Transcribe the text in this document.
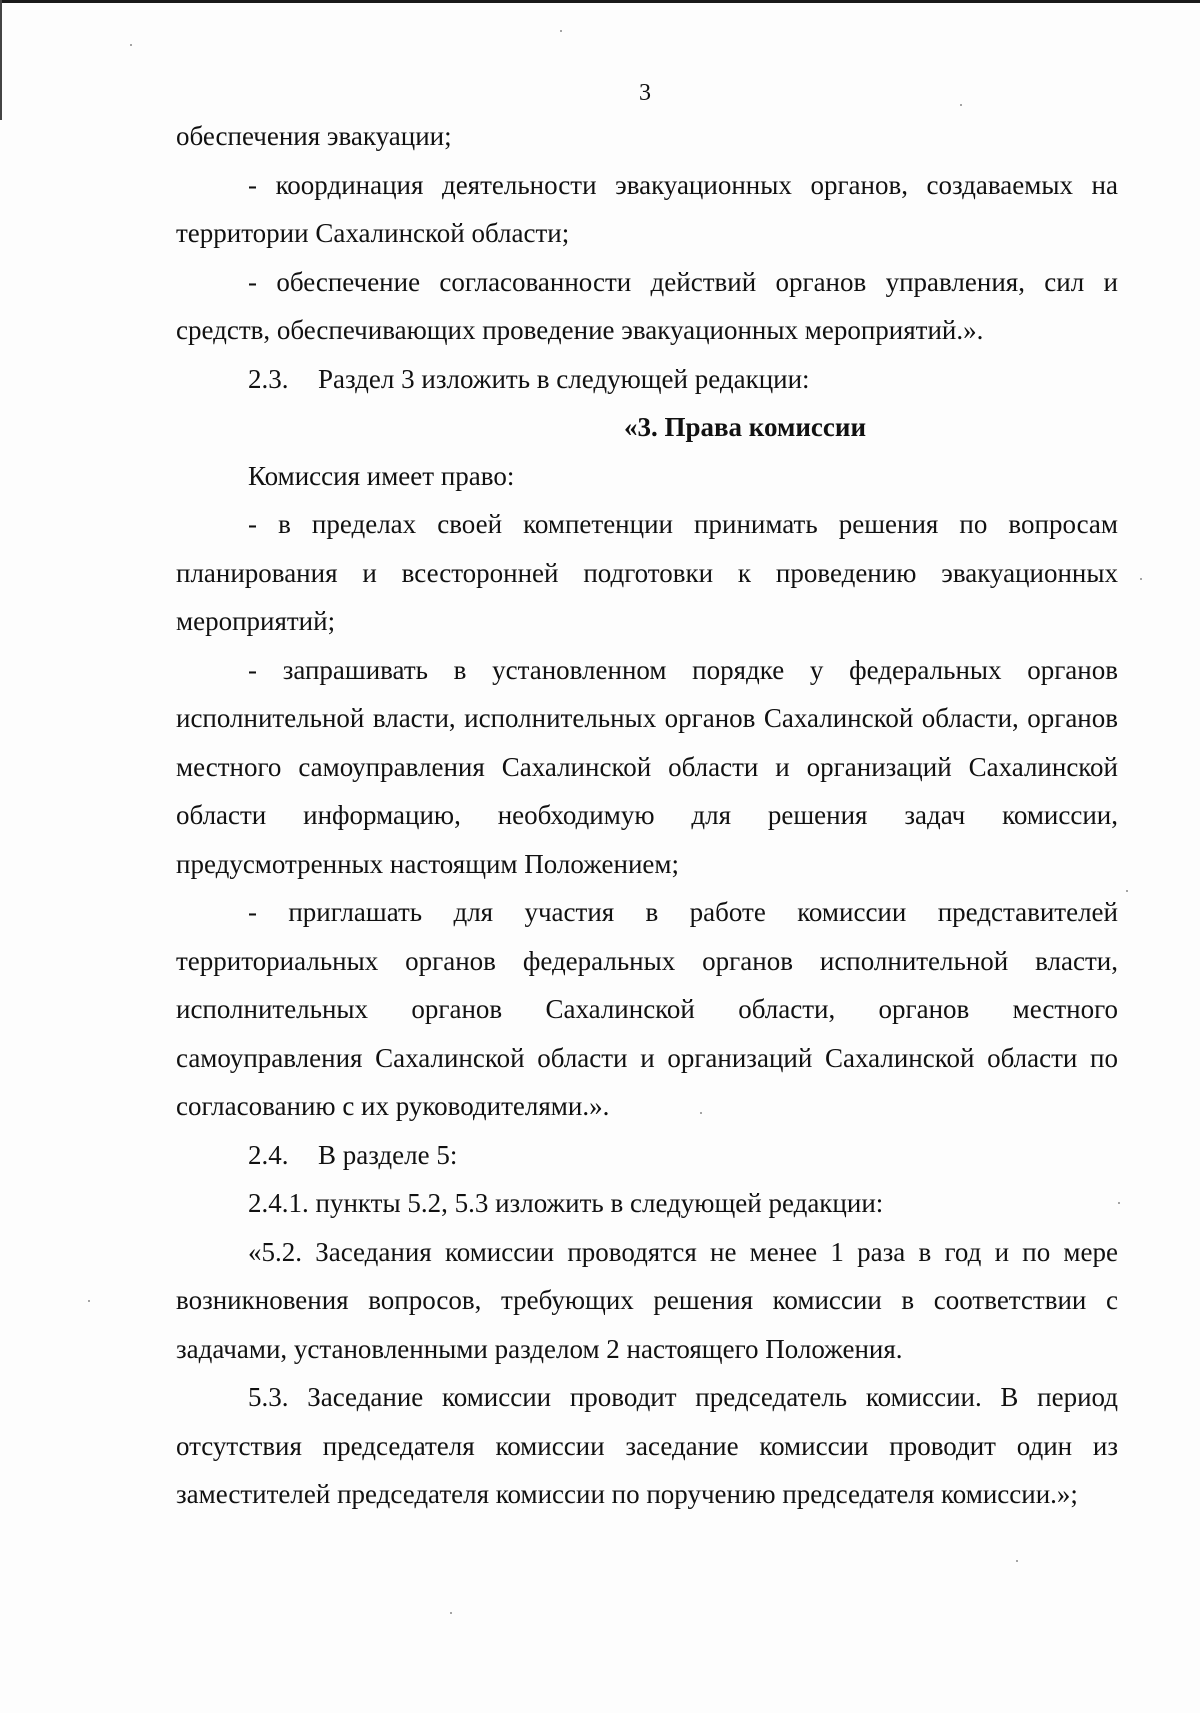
3

обеспечения эвакуации;

- координация деятельности эвакуационных органов, создаваемых на территории Сахалинской области;

- обеспечение согласованности действий органов управления, сил и средств, обеспечивающих проведение эвакуационных мероприятий.».

2.3. Раздел 3 изложить в следующей редакции:

«3. Права комиссии

Комиссия имеет право:

- в пределах своей компетенции принимать решения по вопросам планирования и всесторонней подготовки к проведению эвакуационных мероприятий;

- запрашивать в установленном порядке у федеральных органов исполнительной власти, исполнительных органов Сахалинской области, органов местного самоуправления Сахалинской области и организаций Сахалинской области информацию, необходимую для решения задач комиссии, предусмотренных настоящим Положением;

- приглашать для участия в работе комиссии представителей территориальных органов федеральных органов исполнительной власти, исполнительных органов Сахалинской области, органов местного самоуправления Сахалинской области и организаций Сахалинской области по согласованию с их руководителями.».

2.4. В разделе 5:

2.4.1. пункты 5.2, 5.3 изложить в следующей редакции:

«5.2. Заседания комиссии проводятся не менее 1 раза в год и по мере возникновения вопросов, требующих решения комиссии в соответствии с задачами, установленными разделом 2 настоящего Положения.

5.3. Заседание комиссии проводит председатель комиссии. В период отсутствия председателя комиссии заседание комиссии проводит один из заместителей председателя комиссии по поручению председателя комиссии.»;
